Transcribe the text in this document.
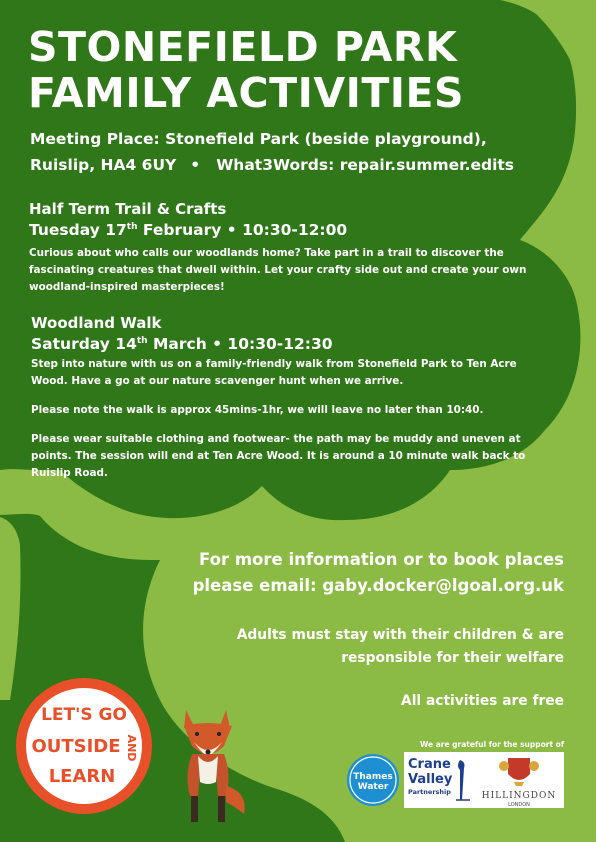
STONEFIELD PARK
FAMILY ACTIVITIES
Meeting Place: Stonefield Park (beside playground),
Ruislip, HA4 6UY • What3Words: repair.summer.edits
Half Term Trail & Crafts
Tuesday 17th February • 10:30-12:00

Curious about who calls our woodlands home? Take part in a trail to discover the fascinating creatures that dwell within. Let your crafty side out and create your own woodland-inspired masterpieces!

Woodland Walk
Saturday 14th March • 10:30-12:30

Step into nature with us on a family-friendly walk from Stonefield Park to Ten Acre Wood. Have a go at our nature scavenger hunt when we arrive.

Please note the walk is approx 45mins-1hr, we will leave no later than 10:40.

Please wear suitable clothing and footwear- the path may be muddy and uneven at points. The session will end at Ten Acre Wood. It is around a 10 minute walk back to Ruislip Road.

For more information or to book places
please email: gaby.docker@lgoal.org.uk
Adults must stay with their children & are
responsible for their welfare
All activities are free
We are grateful for the support of
LET'S GO
OUTSIDE AND
LEARN	Thames
Water
Crane
Valley
Partnership	HILLINGDON
LONDON
